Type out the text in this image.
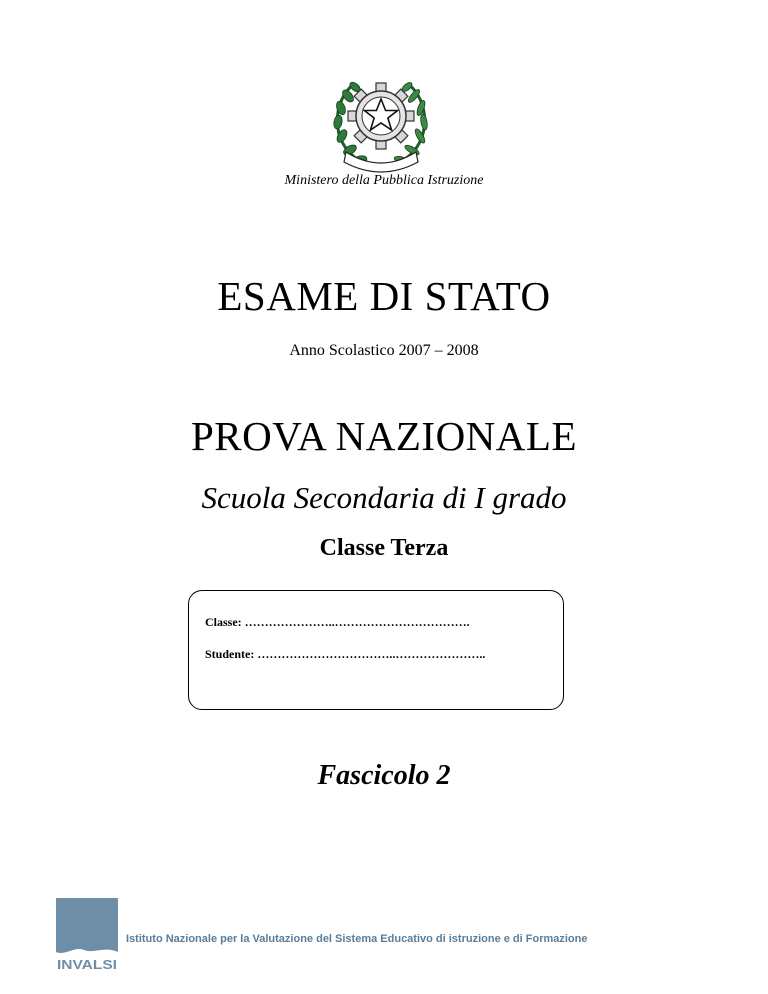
Ministero della Pubblica Istruzione
ESAME DI STATO
Anno Scolastico 2007 – 2008
PROVA NAZIONALE
Scuola Secondaria di I grado
Classe Terza
Classe: …………………..…………………………….
Studente: ……………………………..…………………..
Fascicolo 2
INVALSI
Istituto Nazionale per la Valutazione del Sistema Educativo di istruzione e di Formazione
